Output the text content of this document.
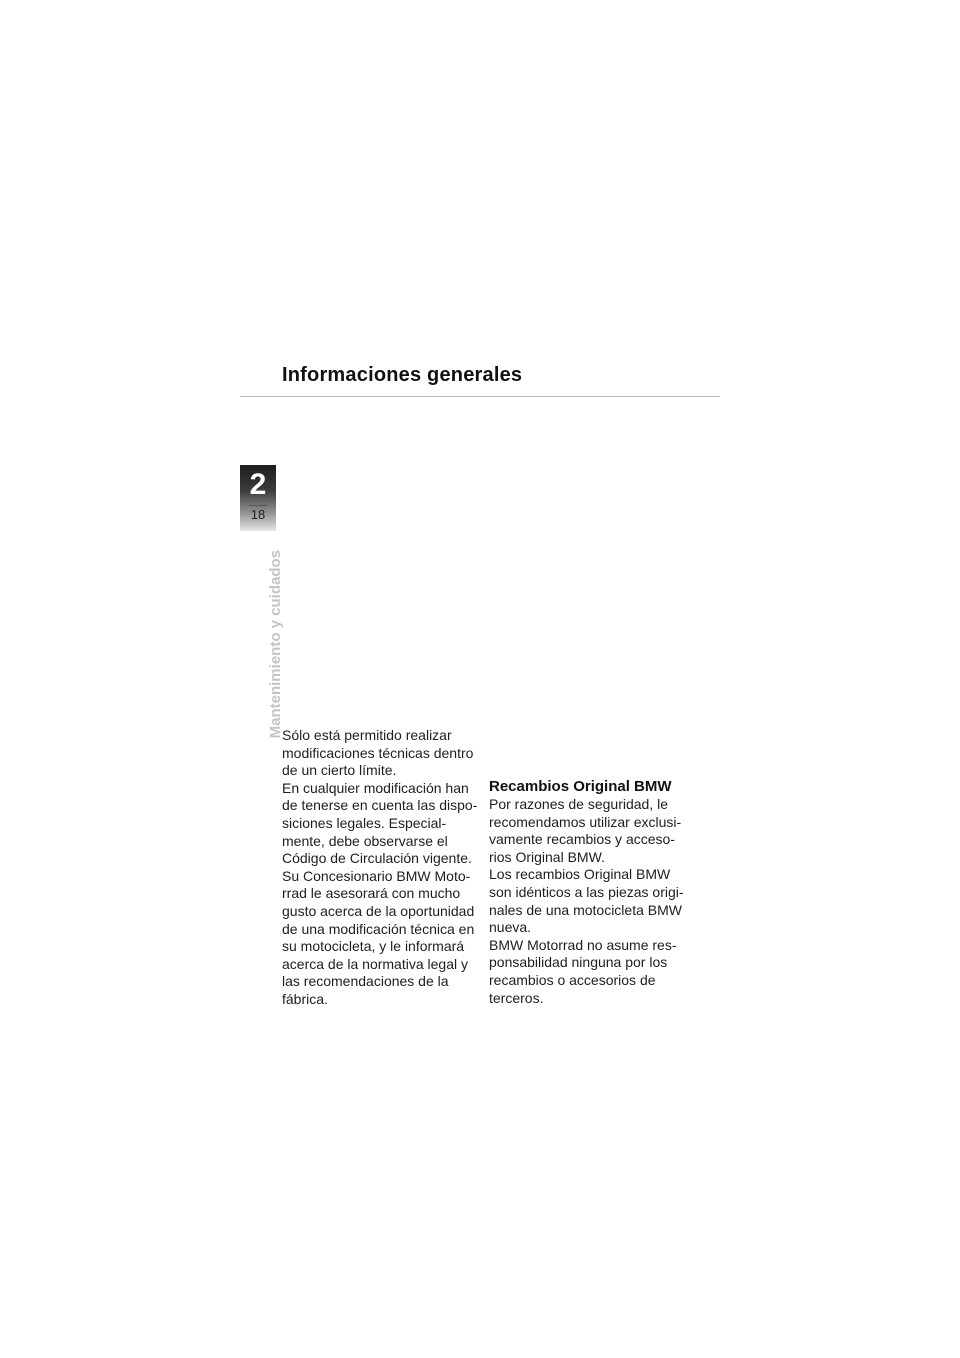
Informaciones generales
2
18
Mantenimiento y cuidados

Sólo está permitido realizar
modificaciones técnicas dentro
de un cierto límite.

En cualquier modificación han
de tenerse en cuenta las dispo-
siciones legales. Especial-
mente, debe observarse el
Código de Circulación vigente.

Su Concesionario BMW Moto-
rrad le asesorará con mucho
gusto acerca de la oportunidad
de una modificación técnica en
su motocicleta, y le informará
acerca de la normativa legal y
las recomendaciones de la
fábrica.

Recambios Original BMW

Por razones de seguridad, le
recomendamos utilizar exclusi-
vamente recambios y acceso-
rios Original BMW.

Los recambios Original BMW
son idénticos a las piezas origi-
nales de una motocicleta BMW
nueva.

BMW Motorrad no asume res-
ponsabilidad ninguna por los
recambios o accesorios de
terceros.
